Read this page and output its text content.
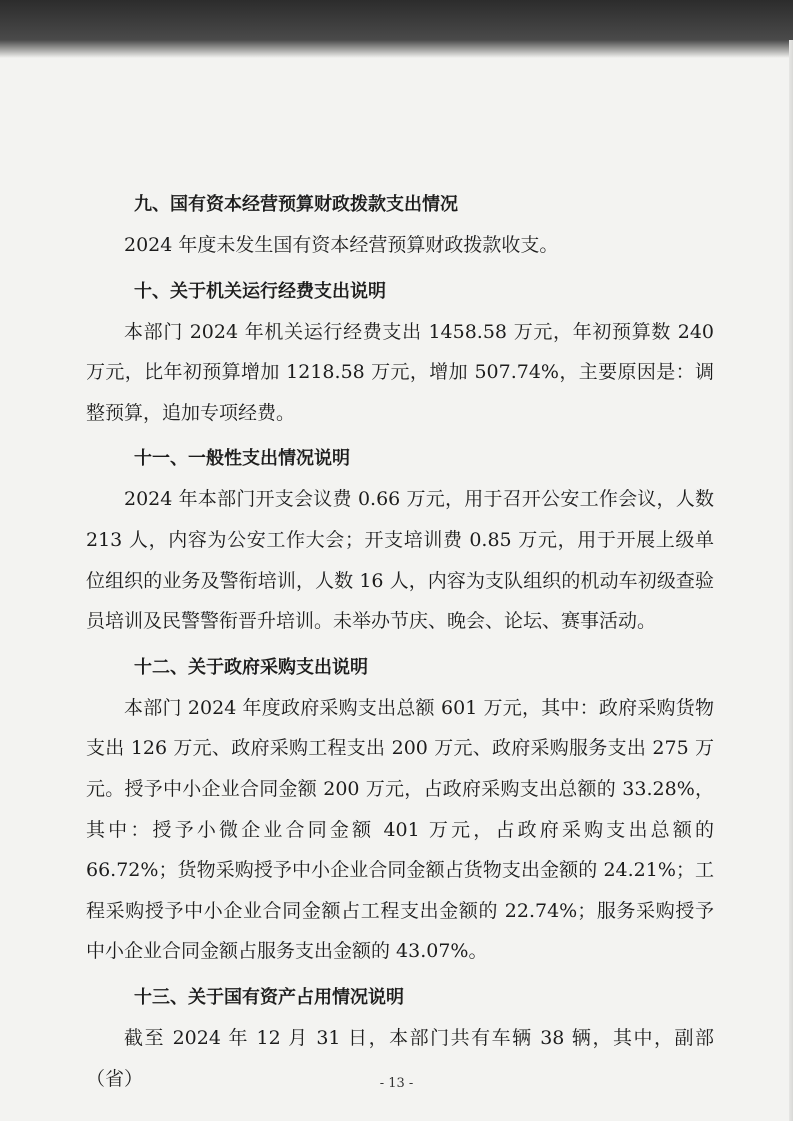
九、国有资本经营预算财政拨款支出情况

2024 年度未发生国有资本经营预算财政拨款收支。

十、关于机关运行经费支出说明

本部门 2024 年机关运行经费支出 1458.58 万元，年初预算数 240 万元，比年初预算增加 1218.58 万元，增加 507.74%，主要原因是：调整预算，追加专项经费。

十一、一般性支出情况说明

2024 年本部门开支会议费 0.66 万元，用于召开公安工作会议，人数 213 人，内容为公安工作大会；开支培训费 0.85 万元，用于开展上级单位组织的业务及警衔培训，人数 16 人，内容为支队组织的机动车初级查验员培训及民警警衔晋升培训。未举办节庆、晚会、论坛、赛事活动。

十二、关于政府采购支出说明

本部门 2024 年度政府采购支出总额 601 万元，其中：政府采购货物支出 126 万元、政府采购工程支出 200 万元、政府采购服务支出 275 万元。授予中小企业合同金额 200 万元，占政府采购支出总额的 33.28%，其中：授予小微企业合同金额 401 万元，占政府采购支出总额的 66.72%；货物采购授予中小企业合同金额占货物支出金额的 24.21%；工程采购授予中小企业合同金额占工程支出金额的 22.74%；服务采购授予中小企业合同金额占服务支出金额的 43.07%。

十三、关于国有资产占用情况说明

截至 2024 年 12 月 31 日，本部门共有车辆 38 辆，其中，副部（省）	- 13 -
